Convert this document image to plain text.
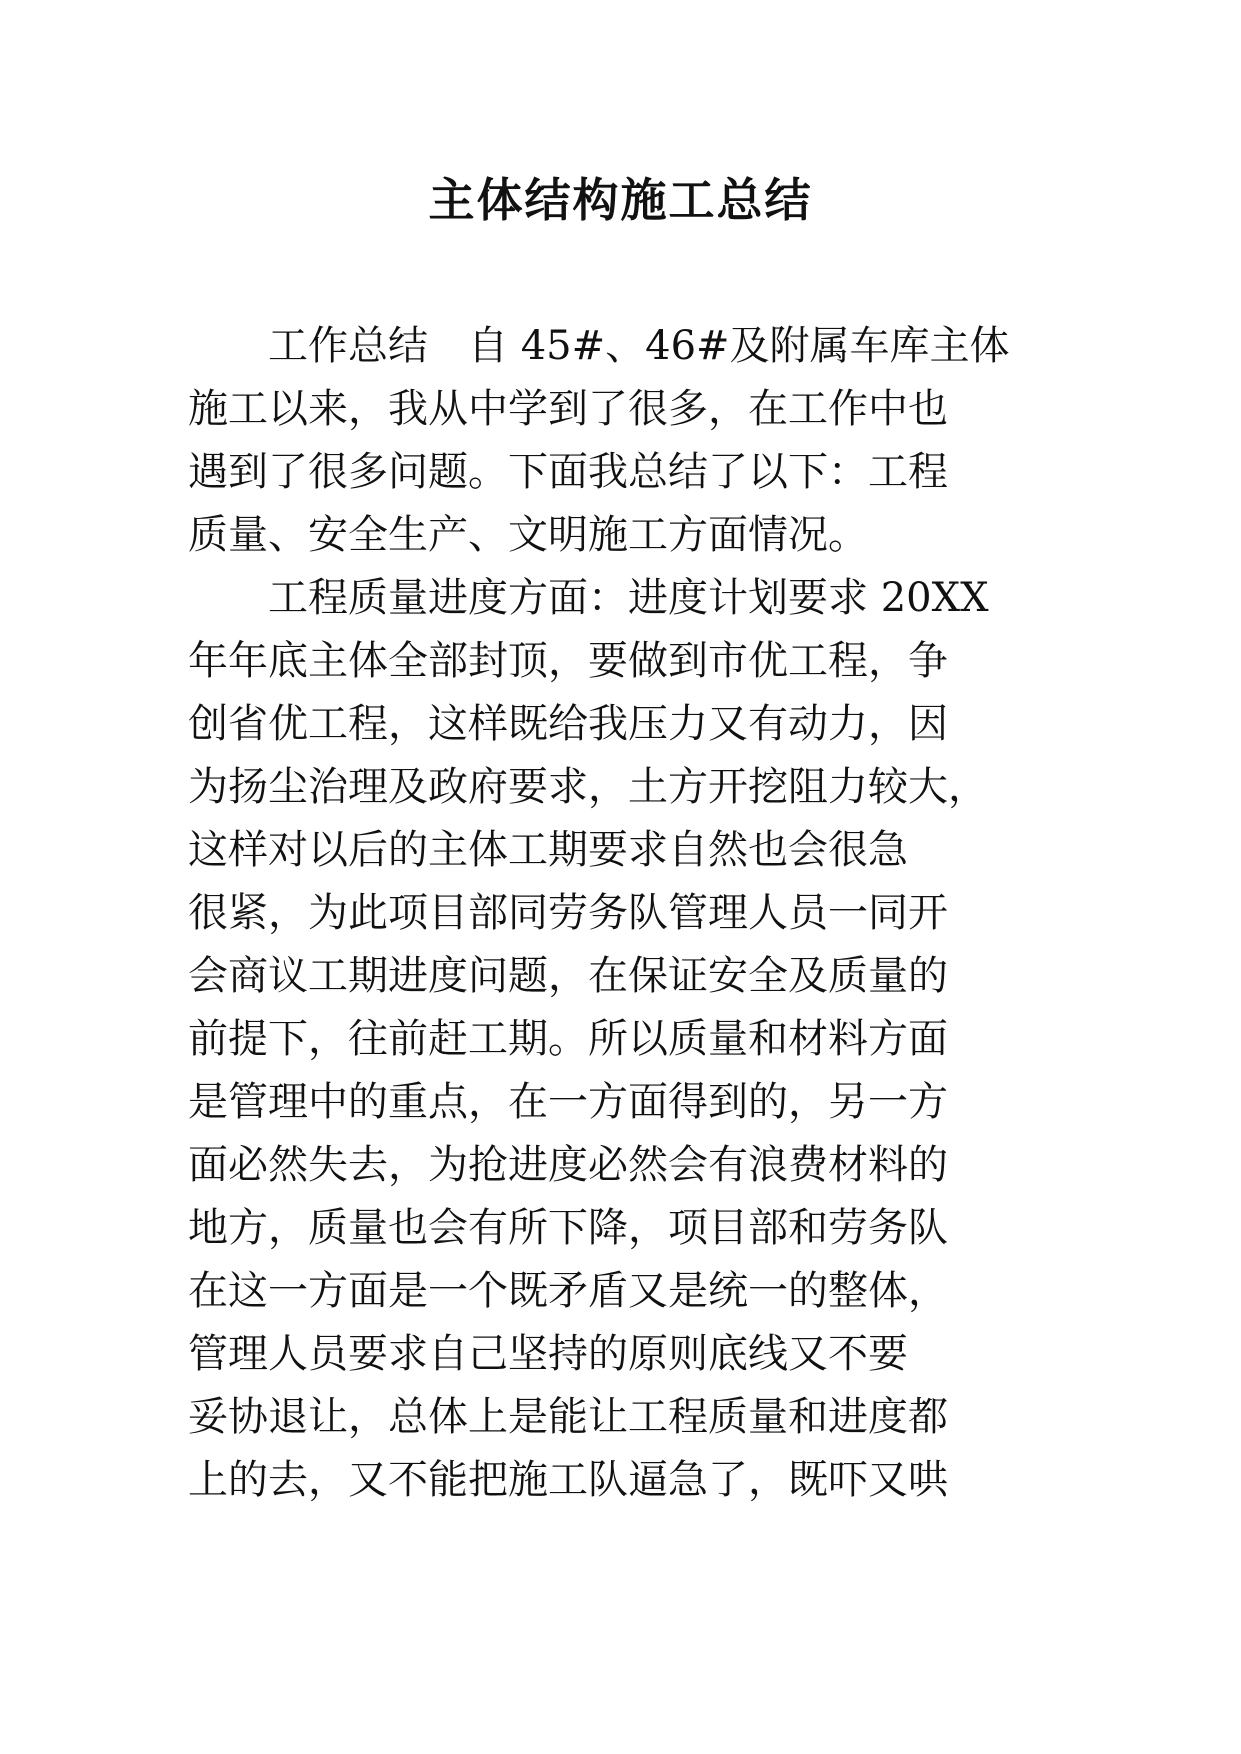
主体结构施工总结
　　工作总结　自 45#、46#及附属车库主体
施工以来，我从中学到了很多，在工作中也
遇到了很多问题。下面我总结了以下：工程
质量、安全生产、文明施工方面情况。
　　工程质量进度方面：进度计划要求 20XX
年年底主体全部封顶，要做到市优工程，争
创省优工程，这样既给我压力又有动力，因
为扬尘治理及政府要求，土方开挖阻力较大，
这样对以后的主体工期要求自然也会很急
很紧，为此项目部同劳务队管理人员一同开
会商议工期进度问题，在保证安全及质量的
前提下，往前赶工期。所以质量和材料方面
是管理中的重点，在一方面得到的，另一方
面必然失去，为抢进度必然会有浪费材料的
地方，质量也会有所下降，项目部和劳务队
在这一方面是一个既矛盾又是统一的整体，
管理人员要求自己坚持的原则底线又不要
妥协退让，总体上是能让工程质量和进度都
上的去，又不能把施工队逼急了，既吓又哄
